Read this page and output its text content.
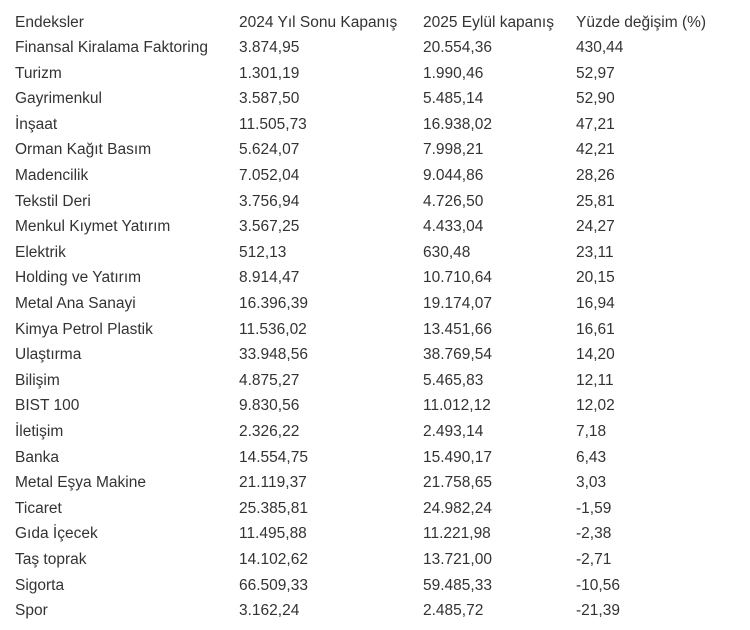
Endeksler	2024 Yıl Sonu Kapanış	2025 Eylül kapanış	Yüzde değişim (%)
Finansal Kiralama Faktoring	3.874,95	20.554,36	430,44
Turizm	1.301,19	1.990,46	52,97
Gayrimenkul	3.587,50	5.485,14	52,90
İnşaat	11.505,73	16.938,02	47,21
Orman Kağıt Basım	5.624,07	7.998,21	42,21
Madencilik	7.052,04	9.044,86	28,26
Tekstil Deri	3.756,94	4.726,50	25,81
Menkul Kıymet Yatırım	3.567,25	4.433,04	24,27
Elektrik	512,13	630,48	23,11
Holding ve Yatırım	8.914,47	10.710,64	20,15
Metal Ana Sanayi	16.396,39	19.174,07	16,94
Kimya Petrol Plastik	11.536,02	13.451,66	16,61
Ulaştırma	33.948,56	38.769,54	14,20
Bilişim	4.875,27	5.465,83	12,11
BIST 100	9.830,56	11.012,12	12,02
İletişim	2.326,22	2.493,14	7,18
Banka	14.554,75	15.490,17	6,43
Metal Eşya Makine	21.119,37	21.758,65	3,03
Ticaret	25.385,81	24.982,24	-1,59
Gıda İçecek	11.495,88	11.221,98	-2,38
Taş toprak	14.102,62	13.721,00	-2,71
Sigorta	66.509,33	59.485,33	-10,56
Spor	3.162,24	2.485,72	-21,39
